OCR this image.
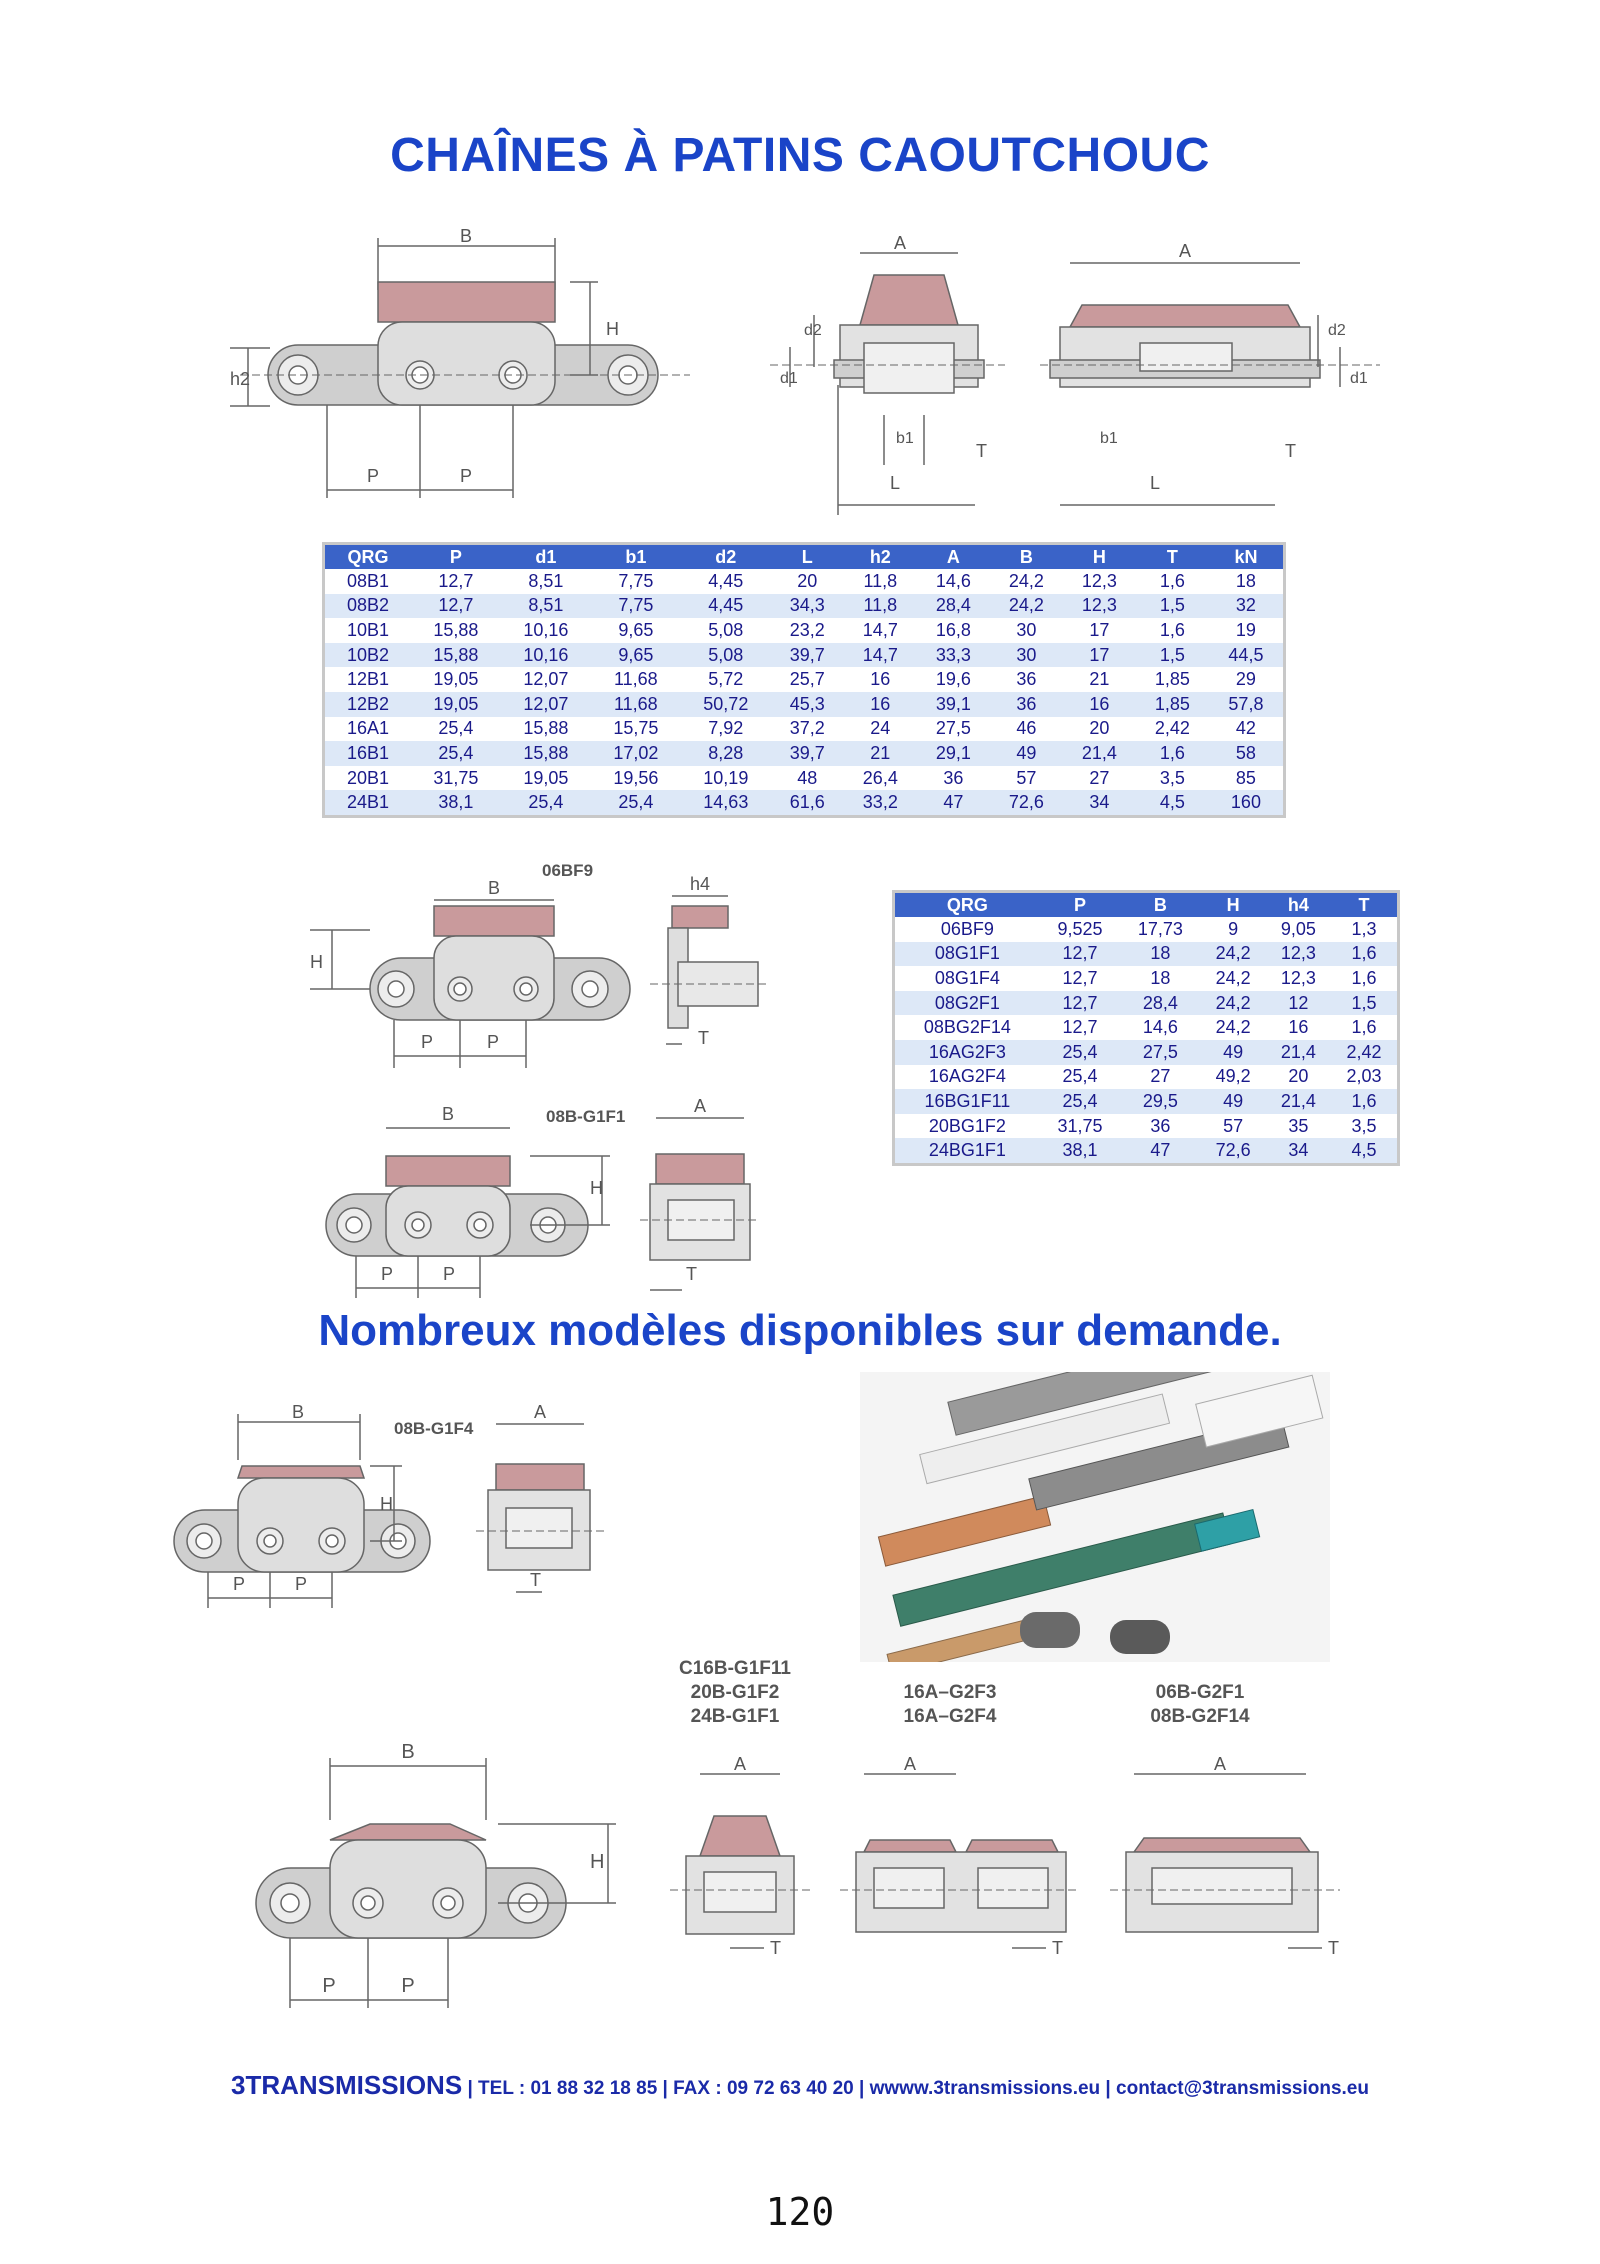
CHAÎNES À PATINS CAOUTCHOUC
B
H
h2
P	P
A
d1
d2
b1
L
T
A
d1
d2
b1
L
T
QRG	P	d1	b1	d2	L	h2	A	B	H	T	kN
08B1	12,7	8,51	7,75	4,45	20	11,8	14,6	24,2	12,3	1,6	18
08B2	12,7	8,51	7,75	4,45	34,3	11,8	28,4	24,2	12,3	1,5	32
10B1	15,88	10,16	9,65	5,08	23,2	14,7	16,8	30	17	1,6	19
10B2	15,88	10,16	9,65	5,08	39,7	14,7	33,3	30	17	1,5	44,5
12B1	19,05	12,07	11,68	5,72	25,7	16	19,6	36	21	1,85	29
12B2	19,05	12,07	11,68	50,72	45,3	16	39,1	36	16	1,85	57,8
16A1	25,4	15,88	15,75	7,92	37,2	24	27,5	46	20	2,42	42
16B1	25,4	15,88	17,02	8,28	39,7	21	29,1	49	21,4	1,6	58
20B1	31,75	19,05	19,56	10,19	48	26,4	36	57	27	3,5	85
24B1	38,1	25,4	25,4	14,63	61,6	33,2	47	72,6	34	4,5	160
B
06BF9
H
P	P
h4
T
QRG	P	B	H	h4	T
06BF9	9,525	17,73	9	9,05	1,3
08G1F1	12,7	18	24,2	12,3	1,6
08G1F4	12,7	18	24,2	12,3	1,6
08G2F1	12,7	28,4	24,2	12	1,5
08BG2F14	12,7	14,6	24,2	16	1,6
16AG2F3	25,4	27,5	49	21,4	2,42
16AG2F4	25,4	27	49,2	20	2,03
16BG1F11	25,4	29,5	49	21,4	1,6
20BG1F2	31,75	36	57	35	3,5
24BG1F1	38,1	47	72,6	34	4,5
B	08B-G1F1
H
P	P
A
T
Nombreux modèles disponibles sur demande.
B
08B-G1F4
H
P	P
A
T
C16B-G1F11
20B-G1F2
24B-G1F1
16A–G2F3
16A–G2F4
06B-G2F1
08B-G2F14
B
H
P	P
A
T
A
T
A
T
3TRANSMISSIONS | TEL : 01 88 32 18 85 | FAX : 09 72 63 40 20 | wwww.3transmissions.eu | contact@3transmissions.eu
120
